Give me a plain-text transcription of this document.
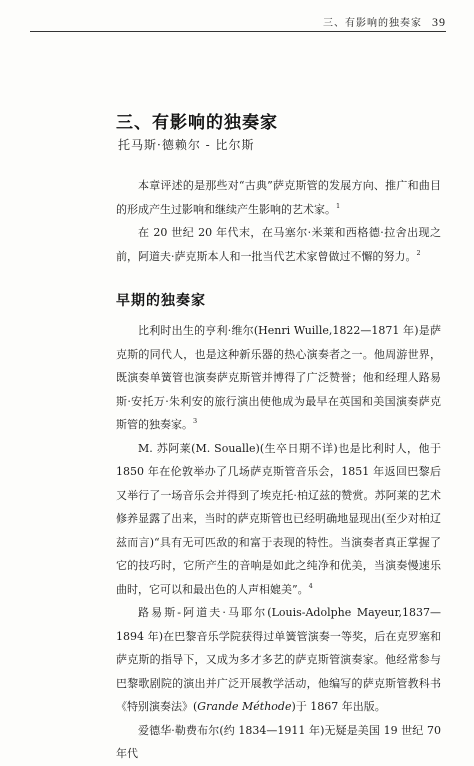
三、有影响的独奏家 39
三、有影响的独奏家
托马斯·德赖尔 - 比尔斯

本章评述的是那些对“古典”萨克斯管的发展方向、推广和曲目的形成产生过影响和继续产生影响的艺术家。$^1$

在 20 世纪 20 年代末，在马塞尔·米莱和西格德·拉舍出现之前，阿道夫·萨克斯本人和一批当代艺术家曾做过不懈的努力。$^2$

早期的独奏家

比利时出生的亨利·维尔(Henri Wuille,1822—1871 年)是萨克斯的同代人，也是这种新乐器的热心演奏者之一。他周游世界，既演奏单簧管也演奏萨克斯管并博得了广泛赞誉；他和经理人路易斯·安托万·朱利安的旅行演出使他成为最早在英国和美国演奏萨克斯管的独奏家。$^3$

M. 苏阿莱(M. Soualle)(生卒日期不详)也是比利时人，他于 1850 年在伦敦举办了几场萨克斯管音乐会，1851 年返回巴黎后又举行了一场音乐会并得到了埃克托·柏辽兹的赞赏。苏阿莱的艺术修养显露了出来，当时的萨克斯管也已经明确地显现出(至少对柏辽兹而言)“具有无可匹敌的和富于表现的特性。当演奏者真正掌握了它的技巧时，它所产生的音响是如此之纯净和优美，当演奏慢速乐曲时，它可以和最出色的人声相媲美”。$^4$

路易斯-阿道夫·马耶尔(Louis-Adolphe Mayeur,1837—1894 年)在巴黎音乐学院获得过单簧管演奏一等奖，后在克罗塞和萨克斯的指导下，又成为多才多艺的萨克斯管演奏家。他经常参与巴黎歌剧院的演出并广泛开展教学活动，他编写的萨克斯管教科书《特别演奏法》(Grande Méthode)于 1867 年出版。

爱德华·勒费布尔(约 1834—1911 年)无疑是美国 19 世纪 70 年代
